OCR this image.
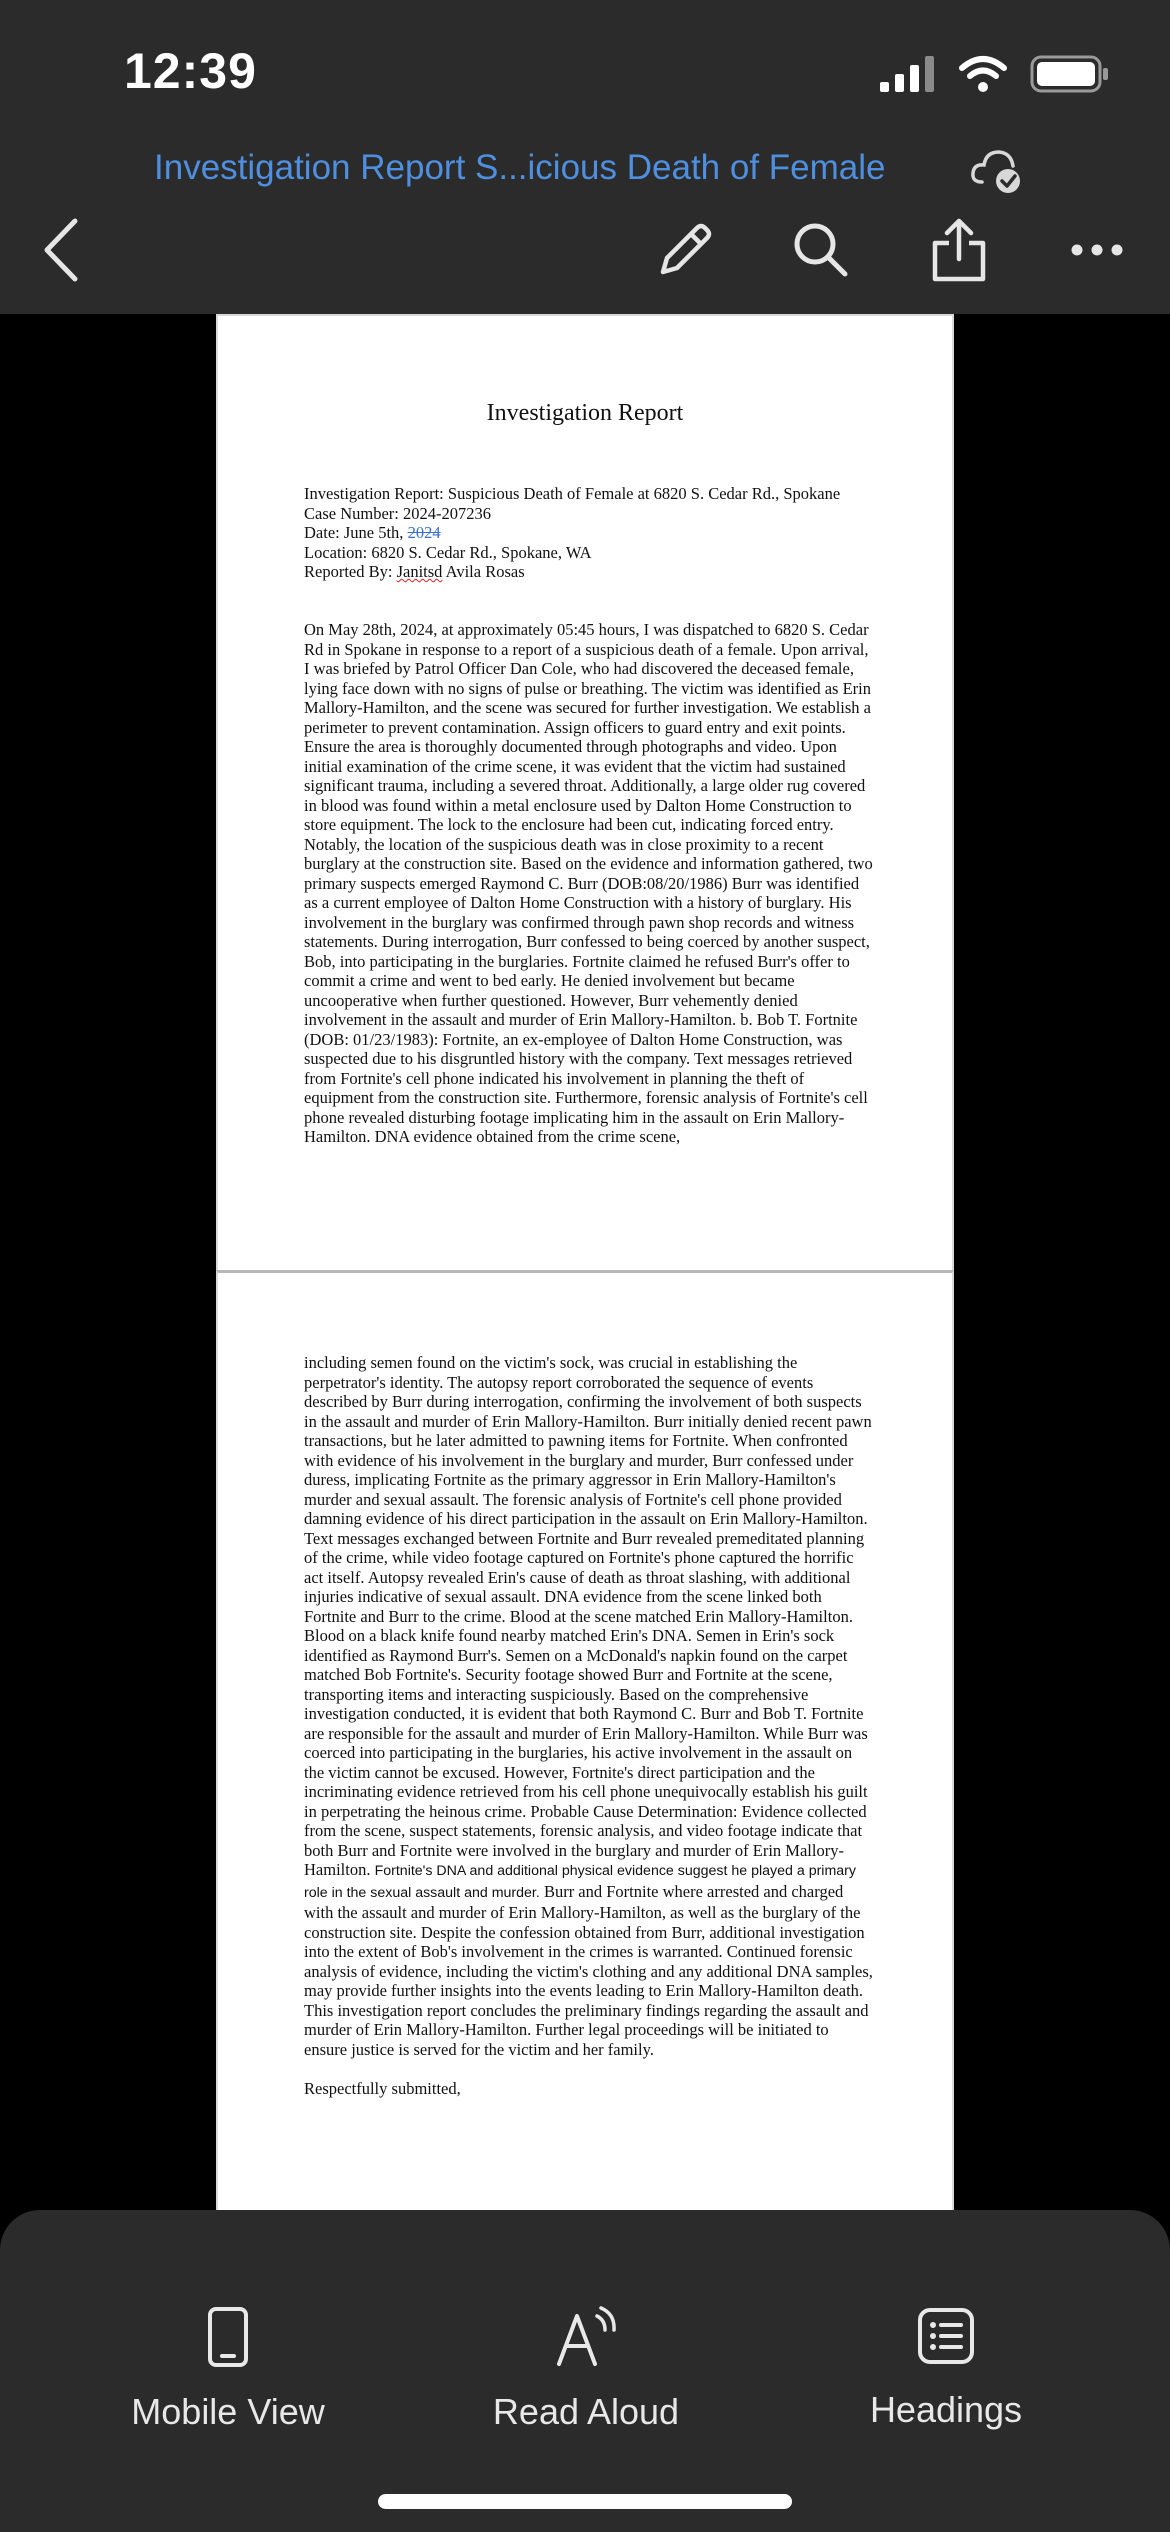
12:39
Investigation Report S...icious Death of Female
Investigation Report
Investigation Report: Suspicious Death of Female at 6820 S. Cedar Rd., Spokane
Case Number: 2024-207236
Date: June 5th, 2024
Location: 6820 S. Cedar Rd., Spokane, WA
Reported By: Janitsd Avila Rosas

On May 28th, 2024, at approximately 05:45 hours, I was dispatched to 6820 S. Cedar Rd in Spokane in response to a report of a suspicious death of a female. Upon arrival, I was briefed by Patrol Officer Dan Cole, who had discovered the deceased female, lying face down with no signs of pulse or breathing. The victim was identified as Erin Mallory-Hamilton, and the scene was secured for further investigation. We establish a perimeter to prevent contamination. Assign officers to guard entry and exit points. Ensure the area is thoroughly documented through photographs and video. Upon initial examination of the crime scene, it was evident that the victim had sustained significant trauma, including a severed throat. Additionally, a large older rug covered in blood was found within a metal enclosure used by Dalton Home Construction to store equipment. The lock to the enclosure had been cut, indicating forced entry. Notably, the location of the suspicious death was in close proximity to a recent burglary at the construction site. Based on the evidence and information gathered, two primary suspects emerged Raymond C. Burr (DOB:08/20/1986) Burr was identified as a current employee of Dalton Home Construction with a history of burglary. His involvement in the burglary was confirmed through pawn shop records and witness statements. During interrogation, Burr confessed to being coerced by another suspect, Bob, into participating in the burglaries. Fortnite claimed he refused Burr's offer to commit a crime and went to bed early. He denied involvement but became uncooperative when further questioned. However, Burr vehemently denied involvement in the assault and murder of Erin Mallory-Hamilton. b. Bob T. Fortnite (DOB: 01/23/1983): Fortnite, an ex-employee of Dalton Home Construction, was suspected due to his disgruntled history with the company. Text messages retrieved from Fortnite's cell phone indicated his involvement in planning the theft of equipment from the construction site. Furthermore, forensic analysis of Fortnite's cell phone revealed disturbing footage implicating him in the assault on Erin Mallory-Hamilton. DNA evidence obtained from the crime scene,

including semen found on the victim's sock, was crucial in establishing the perpetrator's identity. The autopsy report corroborated the sequence of events described by Burr during interrogation, confirming the involvement of both suspects in the assault and murder of Erin Mallory-Hamilton. Burr initially denied recent pawn transactions, but he later admitted to pawning items for Fortnite. When confronted with evidence of his involvement in the burglary and murder, Burr confessed under duress, implicating Fortnite as the primary aggressor in Erin Mallory-Hamilton's murder and sexual assault. The forensic analysis of Fortnite's cell phone provided damning evidence of his direct participation in the assault on Erin Mallory-Hamilton. Text messages exchanged between Fortnite and Burr revealed premeditated planning of the crime, while video footage captured on Fortnite's phone captured the horrific act itself. Autopsy revealed Erin's cause of death as throat slashing, with additional injuries indicative of sexual assault. DNA evidence from the scene linked both Fortnite and Burr to the crime. Blood at the scene matched Erin Mallory-Hamilton. Blood on a black knife found nearby matched Erin's DNA. Semen in Erin's sock identified as Raymond Burr's. Semen on a McDonald's napkin found on the carpet matched Bob Fortnite's. Security footage showed Burr and Fortnite at the scene, transporting items and interacting suspiciously. Based on the comprehensive investigation conducted, it is evident that both Raymond C. Burr and Bob T. Fortnite are responsible for the assault and murder of Erin Mallory-Hamilton. While Burr was coerced into participating in the burglaries, his active involvement in the assault on the victim cannot be excused. However, Fortnite's direct participation and the incriminating evidence retrieved from his cell phone unequivocally establish his guilt in perpetrating the heinous crime. Probable Cause Determination: Evidence collected from the scene, suspect statements, forensic analysis, and video footage indicate that both Burr and Fortnite were involved in the burglary and murder of Erin Mallory-Hamilton. Fortnite's DNA and additional physical evidence suggest he played a primary role in the sexual assault and murder. Burr and Fortnite where arrested and charged with the assault and murder of Erin Mallory-Hamilton, as well as the burglary of the construction site. Despite the confession obtained from Burr, additional investigation into the extent of Bob's involvement in the crimes is warranted. Continued forensic analysis of evidence, including the victim's clothing and any additional DNA samples, may provide further insights into the events leading to Erin Mallory-Hamilton death. This investigation report concludes the preliminary findings regarding the assault and murder of Erin Mallory-Hamilton. Further legal proceedings will be initiated to ensure justice is served for the victim and her family.

Respectfully submitted,

Mobile View	Read Aloud	Headings
